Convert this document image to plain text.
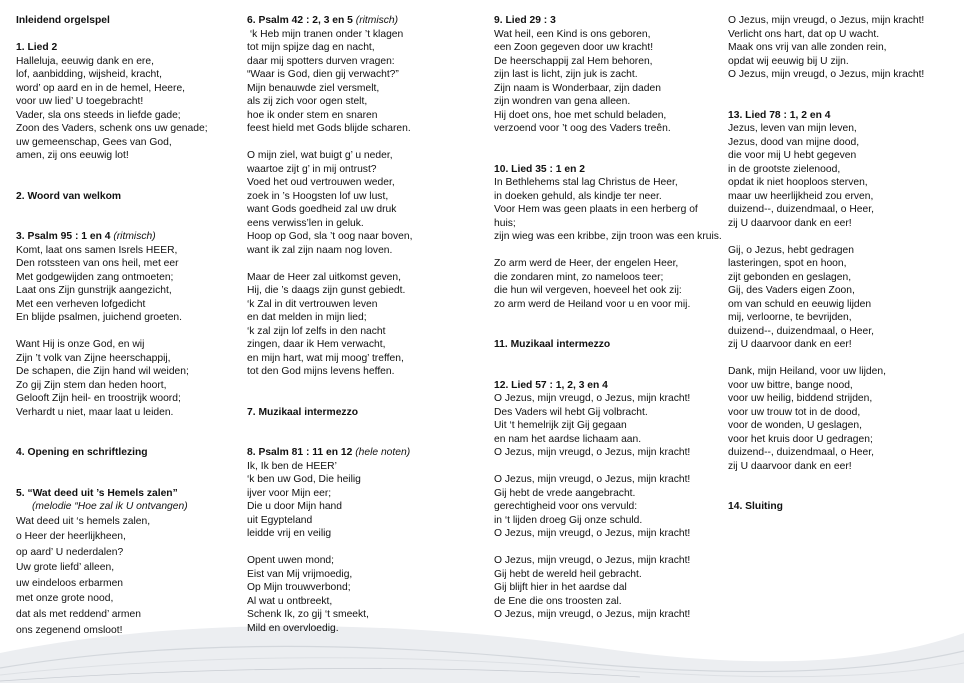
Inleidend orgelspel

1. Lied 2

Halleluja, eeuwig dank en ere,

lof, aanbidding, wijsheid, kracht,

word’ op aard en in de hemel, Heere,

voor uw lied’ U toegebracht!

Vader, sla ons steeds in liefde gade;

Zoon des Vaders, schenk ons uw genade;

uw gemeenschap, Gees van God,

amen, zij ons eeuwig lot!

2. Woord van welkom

3. Psalm 95 : 1 en 4 (ritmisch)

Komt, laat ons samen Isrels HEER,

Den rotssteen van ons heil, met eer

Met godgewijden zang ontmoeten;

Laat ons Zijn gunstrijk aangezicht,

Met een verheven lofgedicht

En blijde psalmen, juichend groeten.

Want Hij is onze God, en wij

Zijn ’t volk van Zijne heerschappij,

De schapen, die Zijn hand wil weiden;

Zo gij Zijn stem dan heden hoort,

Gelooft Zijn heil- en troostrijk woord;

Verhardt u niet, maar laat u leiden.

4. Opening en schriftlezing

5. “Wat deed uit ’s Hemels zalen”

(melodie “Hoe zal ik U ontvangen)

Wat deed uit ‘s hemels zalen,

o Heer der heerlijkheen,

op aard’ U nederdalen?

Uw grote liefd’ alleen,

uw eindeloos erbarmen

met onze grote nood,

dat als met reddend’ armen

ons zegenend omsloot!

6. Psalm 42 : 2, 3 en 5 (ritmisch)

‘k Heb mijn tranen onder ’t klagen

tot mijn spijze dag en nacht,

daar mij spotters durven vragen:

“Waar is God, dien gij verwacht?”

Mijn benauwde ziel versmelt,

als zij zich voor ogen stelt,

hoe ik onder stem en snaren

feest hield met Gods blijde scharen.

O mijn ziel, wat buigt g’ u neder,

waartoe zijt g’ in mij ontrust?

Voed het oud vertrouwen weder,

zoek in ’s Hoogsten lof uw lust,

want Gods goedheid zal uw druk

eens verwiss’len in geluk.

Hoop op God, sla ’t oog naar boven,

want ik zal zijn naam nog loven.

Maar de Heer zal uitkomst geven,

Hij, die ’s daags zijn gunst gebiedt.

‘k Zal in dit vertrouwen leven

en dat melden in mijn lied;

‘k zal zijn lof zelfs in den nacht

zingen, daar ik Hem verwacht,

en mijn hart, wat mij moog’ treffen,

tot den God mijns levens heffen.

7. Muzikaal intermezzo

8. Psalm 81 : 11 en 12 (hele noten)

Ik, Ik ben de HEER’

‘k ben uw God, Die heilig

ijver voor Mijn eer;

Die u door Mijn hand

uit Egypteland

leidde vrij en veilig

Opent uwen mond;

Eist van Mij vrijmoedig,

Op Mijn trouwverbond;

Al wat u ontbreekt,

Schenk Ik, zo gij ‘t smeekt,

Mild en overvloedig.

9. Lied 29 : 3

Wat heil, een Kind is ons geboren,

een Zoon gegeven door uw kracht!

De heerschappij zal Hem behoren,

zijn last is licht, zijn juk is zacht.

Zijn naam is Wonderbaar, zijn daden

zijn wondren van gena alleen.

Hij doet ons, hoe met schuld beladen,

verzoend voor ’t oog des Vaders treên.

10. Lied 35 : 1 en 2

In Bethlehems stal lag Christus de Heer,

in doeken gehuld, als kindje ter neer.

Voor Hem was geen plaats in een herberg of huis;

zijn wieg was een kribbe, zijn troon was een kruis.

Zo arm werd de Heer, der engelen Heer,

die zondaren mint, zo nameloos teer;

die hun wil vergeven, hoeveel het ook zij:

zo arm werd de Heiland voor u en voor mij.

11. Muzikaal intermezzo

12. Lied 57 : 1, 2, 3 en 4

O Jezus, mijn vreugd, o Jezus, mijn kracht!

Des Vaders wil hebt Gij volbracht.

Uit ‘t hemelrijk zijt Gij gegaan

en nam het aardse lichaam aan.

O Jezus, mijn vreugd, o Jezus, mijn kracht!

O Jezus, mijn vreugd, o Jezus, mijn kracht!

Gij hebt de vrede aangebracht.

gerechtigheid voor ons vervuld:

in ‘t lijden droeg Gij onze schuld.

O Jezus, mijn vreugd, o Jezus, mijn kracht!

O Jezus, mijn vreugd, o Jezus, mijn kracht!

Gij hebt de wereld heil gebracht.

Gij blijft hier in het aardse dal

de Ene die ons troosten zal.

O Jezus, mijn vreugd, o Jezus, mijn kracht!

O Jezus, mijn vreugd, o Jezus, mijn kracht!

Verlicht ons hart, dat op U wacht.

Maak ons vrij van alle zonden rein,

opdat wij eeuwig bij U zijn.

O Jezus, mijn vreugd, o Jezus, mijn kracht!

13. Lied 78 : 1, 2 en 4

Jezus, leven van mijn leven,

Jezus, dood van mijne dood,

die voor mij U hebt gegeven

in de grootste zielenood,

opdat ik niet hooploos sterven,

maar uw heerlijkheid zou erven,

duizend--, duizendmaal, o Heer,

zij U daarvoor dank en eer!

Gij, o Jezus, hebt gedragen

lasteringen, spot en hoon,

zijt gebonden en geslagen,

Gij, des Vaders eigen Zoon,

om van schuld en eeuwig lijden

mij, verloorne, te bevrijden,

duizend--, duizendmaal, o Heer,

zij U daarvoor dank en eer!

Dank, mijn Heiland, voor uw lijden,

voor uw bittre, bange nood,

voor uw heilig, biddend strijden,

voor uw trouw tot in de dood,

voor de wonden, U geslagen,

voor het kruis door U gedragen;

duizend--, duizendmaal, o Heer,

zij U daarvoor dank en eer!

14. Sluiting
